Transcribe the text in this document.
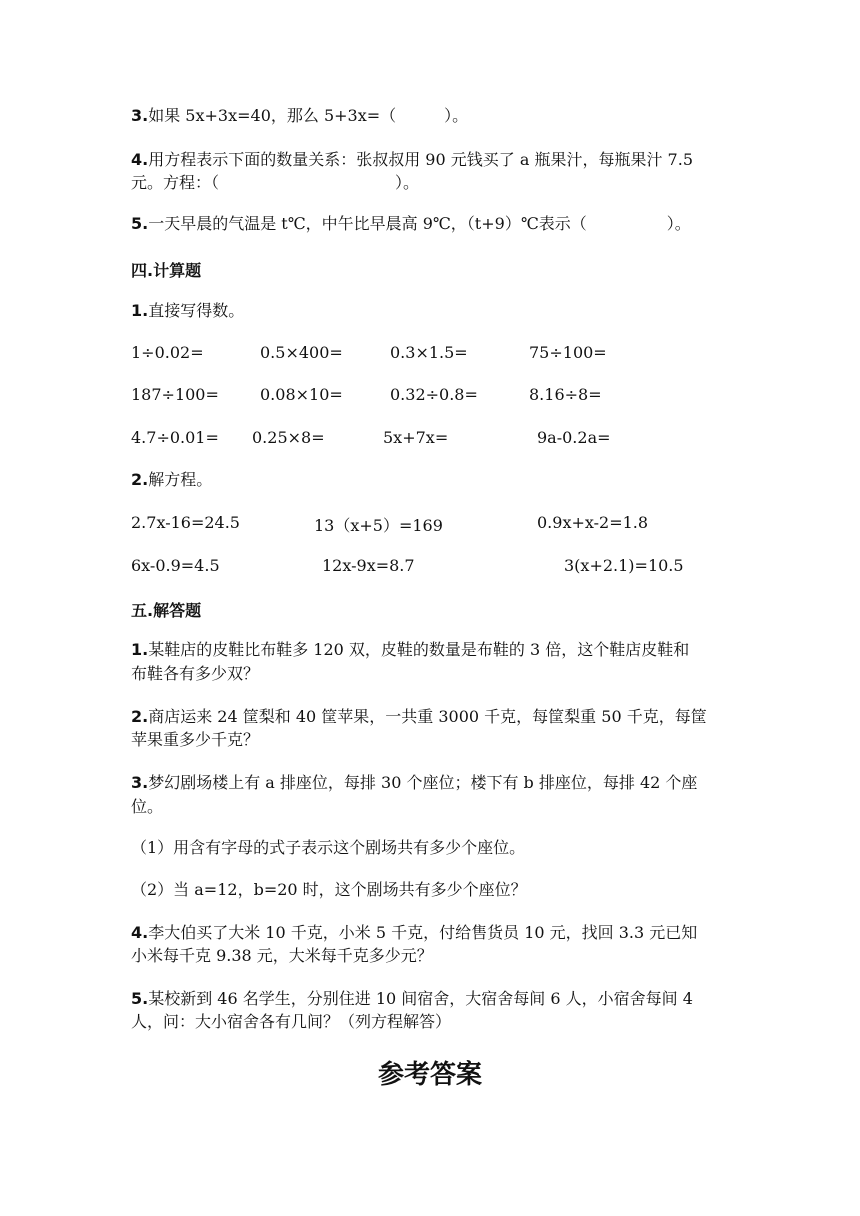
3.如果 5x+3x=40，那么 5+3x=（　　　）。
4.用方程表示下面的数量关系：张叔叔用 90 元钱买了 a 瓶果汁，每瓶果汁 7.5
元。方程：（　　　　　　　　　　　）。
5.一天早晨的气温是 t℃，中午比早晨高 9℃，（t+9）℃表示（　　　　　）。
四.计算题
1.直接写得数。
1÷0.02=	0.5×400=	0.3×1.5=	75÷100=
187÷100=	0.08×10=	0.32÷0.8=	8.16÷8=
4.7÷0.01= 0.25×8=	5x+7x=	9a-0.2a=
2.解方程。
2.7x-16=24.5	13（x+5）=169	0.9x+x-2=1.8
6x-0.9=4.5	12x-9x=8.7	3(x+2.1)=10.5
五.解答题
1.某鞋店的皮鞋比布鞋多 120 双，皮鞋的数量是布鞋的 3 倍，这个鞋店皮鞋和
布鞋各有多少双？
2.商店运来 24 筐梨和 40 筐苹果，一共重 3000 千克，每筐梨重 50 千克，每筐
苹果重多少千克？
3.梦幻剧场楼上有 a 排座位，每排 30 个座位；楼下有 b 排座位，每排 42 个座
位。
（1）用含有字母的式子表示这个剧场共有多少个座位。
（2）当 a=12，b=20 时，这个剧场共有多少个座位？
4.李大伯买了大米 10 千克，小米 5 千克，付给售货员 10 元，找回 3.3 元已知
小米每千克 9.38 元，大米每千克多少元？
5.某校新到 46 名学生，分别住进 10 间宿舍，大宿舍每间 6 人，小宿舍每间 4
人，问：大小宿舍各有几间？（列方程解答）
参考答案
